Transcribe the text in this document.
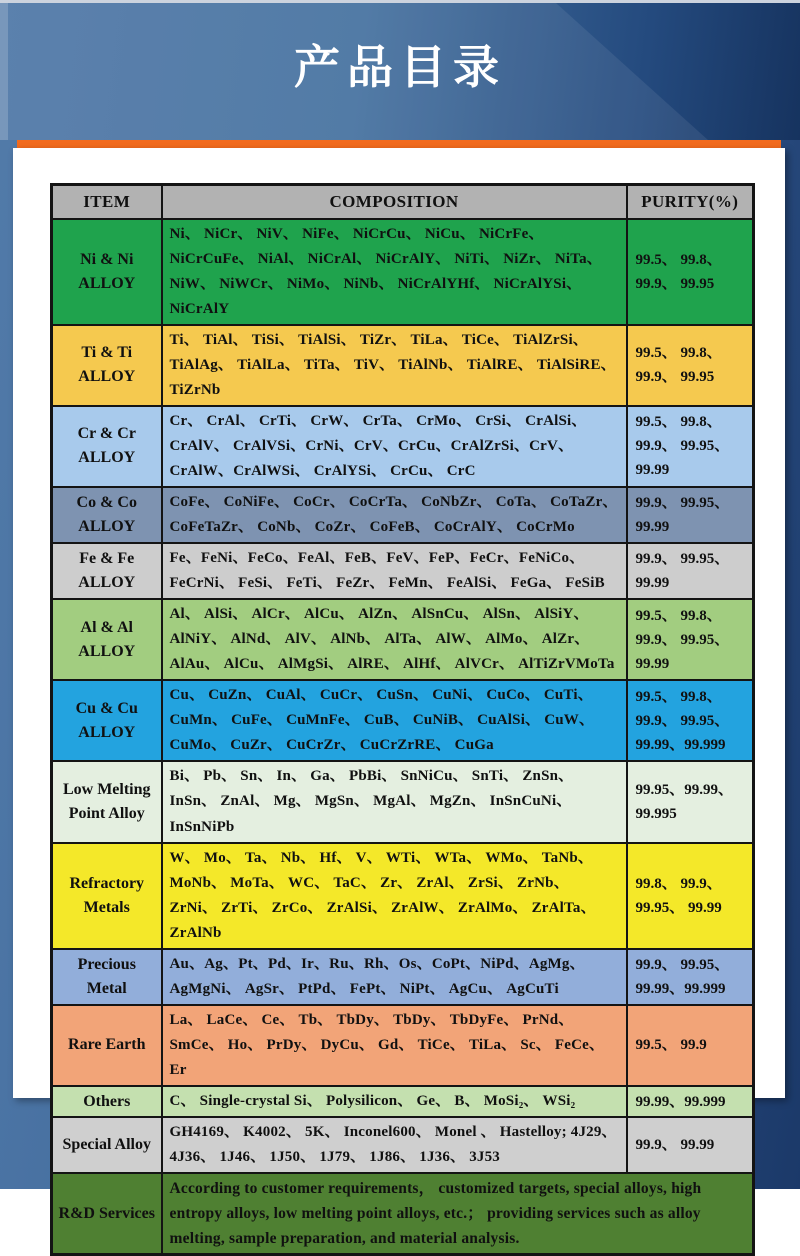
产品目录
ITEM	COMPOSITION	PURITY(%)
Ni & Ni ALLOY	Ni、 NiCr、 NiV、 NiFe、 NiCrCu、 NiCu、 NiCrFe、 NiCrCuFe、 NiAl、 NiCrAl、 NiCrAlY、 NiTi、 NiZr、 NiTa、 NiW、 NiWCr、 NiMo、 NiNb、 NiCrAlYHf、 NiCrAlYSi、 NiCrAlY	99.5、 99.8、 99.9、 99.95
Ti & Ti ALLOY	Ti、 TiAl、 TiSi、 TiAlSi、 TiZr、 TiLa、 TiCe、 TiAlZrSi、 TiAlAg、 TiAlLa、 TiTa、 TiV、 TiAlNb、 TiAlRE、 TiAlSiRE、 TiZrNb	99.5、 99.8、 99.9、 99.95
Cr & Cr ALLOY	Cr、 CrAl、 CrTi、 CrW、 CrTa、 CrMo、 CrSi、 CrAlSi、 CrAlV、 CrAlVSi、CrNi、CrV、CrCu、CrAlZrSi、CrV、CrAlW、CrAlWSi、 CrAlYSi、 CrCu、 CrC	99.5、 99.8、 99.9、 99.95、 99.99
Co & Co ALLOY	CoFe、 CoNiFe、 CoCr、 CoCrTa、 CoNbZr、 CoTa、 CoTaZr、 CoFeTaZr、 CoNb、 CoZr、 CoFeB、 CoCrAlY、 CoCrMo	99.9、 99.95、 99.99
Fe & Fe ALLOY	Fe、FeNi、FeCo、FeAl、FeB、FeV、FeP、FeCr、FeNiCo、FeCrNi、 FeSi、 FeTi、 FeZr、 FeMn、 FeAlSi、 FeGa、 FeSiB	99.9、 99.95、 99.99
Al & Al ALLOY	Al、 AlSi、 AlCr、 AlCu、 AlZn、 AlSnCu、 AlSn、 AlSiY、 AlNiY、 AlNd、 AlV、 AlNb、 AlTa、 AlW、 AlMo、 AlZr、 AlAu、 AlCu、 AlMgSi、 AlRE、 AlHf、 AlVCr、 AlTiZrVMoTa	99.5、 99.8、 99.9、 99.95、 99.99
Cu & Cu ALLOY	Cu、 CuZn、 CuAl、 CuCr、 CuSn、 CuNi、 CuCo、 CuTi、 CuMn、 CuFe、 CuMnFe、 CuB、 CuNiB、 CuAlSi、 CuW、 CuMo、 CuZr、 CuCrZr、 CuCrZrRE、 CuGa	99.5、 99.8、 99.9、 99.95、 99.99、99.999
Low Melting Point Alloy	Bi、 Pb、 Sn、 In、 Ga、 PbBi、 SnNiCu、 SnTi、 ZnSn、 InSn、 ZnAl、 Mg、 MgSn、 MgAl、 MgZn、 InSnCuNi、 InSnNiPb	99.95、99.99、 99.995
Refractory Metals	W、 Mo、 Ta、 Nb、 Hf、 V、 WTi、 WTa、 WMo、 TaNb、 MoNb、 MoTa、 WC、 TaC、 Zr、 ZrAl、 ZrSi、 ZrNb、 ZrNi、 ZrTi、 ZrCo、 ZrAlSi、 ZrAlW、 ZrAlMo、 ZrAlTa、 ZrAlNb	99.8、 99.9、 99.95、 99.99
Precious Metal	Au、Ag、Pt、Pd、Ir、Ru、Rh、Os、CoPt、NiPd、AgMg、AgMgNi、 AgSr、 PtPd、 FePt、 NiPt、 AgCu、 AgCuTi	99.9、 99.95、 99.99、99.999
Rare Earth	La、 LaCe、 Ce、 Tb、 TbDy、 TbDy、 TbDyFe、 PrNd、 SmCe、 Ho、 PrDy、 DyCu、 Gd、 TiCe、 TiLa、 Sc、 FeCe、 Er	99.5、 99.9
Others	C、 Single-crystal Si、 Polysilicon、 Ge、 B、 MoSi₂、 WSi₂	99.99、99.999
Special Alloy	GH4169、 K4002、 5K、 Inconel600、 Monel 、 Hastelloy; 4J29、 4J36、 1J46、 1J50、 1J79、 1J86、 1J36、 3J53	99.9、 99.99
R&D Services	According to customer requirements， customized targets, special alloys, high entropy alloys, low melting point alloys, etc.； providing services such as alloy melting, sample preparation, and material analysis.	
